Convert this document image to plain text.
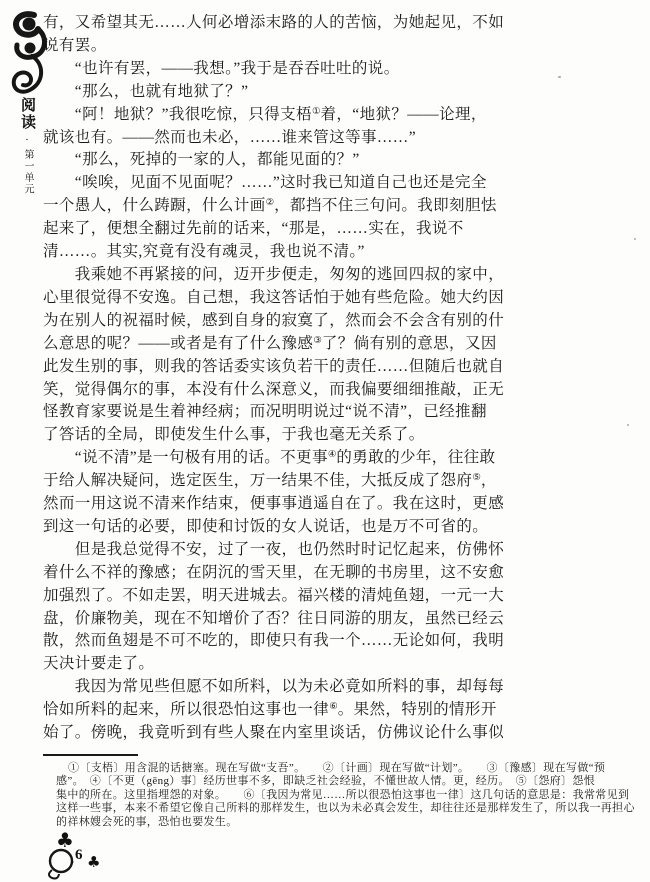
阅读·第一单元
有，又希望其无……人何必增添末路的人的苦恼，为她起见，不如
说有罢。
　　“也许有罢，——我想。”我于是吞吞吐吐的说。
　　“那么，也就有地狱了？”
　　“阿！地狱？”我很吃惊，只得支梧①着，“地狱？——论理，
就该也有。——然而也未必，……谁来管这等事……”
　　“那么，死掉的一家的人，都能见面的？”
　　“唉唉，见面不见面呢？……”这时我已知道自己也还是完全
一个愚人，什么踌蹰，什么计画②，都挡不住三句问。我即刻胆怯
起来了，便想全翻过先前的话来，“那是，……实在，我说不
清……。其实,究竟有没有魂灵，我也说不清。”
　　我乘她不再紧接的问，迈开步便走，匆匆的逃回四叔的家中，
心里很觉得不安逸。自己想，我这答话怕于她有些危险。她大约因
为在别人的祝福时候，感到自身的寂寞了，然而会不会含有别的什
么意思的呢？——或者是有了什么豫感③了？倘有别的意思，又因
此发生别的事，则我的答话委实该负若干的责任……但随后也就自
笑，觉得偶尔的事，本没有什么深意义，而我偏要细细推敲，正无
怪教育家要说是生着神经病；而况明明说过“说不清”，已经推翻
了答话的全局，即使发生什么事，于我也毫无关系了。
　　“说不清”是一句极有用的话。不更事④的勇敢的少年，往往敢
于给人解决疑问，选定医生，万一结果不佳，大抵反成了怨府⑤，
然而一用这说不清来作结束，便事事逍遥自在了。我在这时，更感
到这一句话的必要，即使和讨饭的女人说话，也是万不可省的。
　　但是我总觉得不安，过了一夜，也仍然时时记忆起来，仿佛怀
着什么不祥的豫感；在阴沉的雪天里，在无聊的书房里，这不安愈
加强烈了。不如走罢，明天进城去。福兴楼的清炖鱼翅，一元一大
盘，价廉物美，现在不知增价了否？往日同游的朋友，虽然已经云
散，然而鱼翅是不可不吃的，即使只有我一个……无论如何，我明
天决计要走了。
　　我因为常见些但愿不如所料，以为未必竟如所料的事，却每每
恰如所料的起来，所以很恐怕这事也一律⑥。果然，特别的情形开
始了。傍晚，我竟听到有些人聚在内室里谈话，仿佛议论什么事似
①〔支梧〕用含混的话搪塞。现在写做“支吾”。　　②〔计画〕现在写做“计划”。　　③〔豫感〕现在写做“预
感”。　④〔不更（gēng）事〕经历世事不多，即缺乏社会经验，不懂世故人情。更，经历。　⑤〔怨府〕怨恨
集中的所在。这里指埋怨的对象。　　⑥〔我因为常见……所以很恐怕这事也一律〕这几句话的意思是：我常常见到
这样一些事，本来不希望它像自己所料的那样发生，也以为未必真会发生，却往往还是那样发生了，所以我一再担心
的祥林嫂会死的事，恐怕也要发生。
♣
. 6 ♣
